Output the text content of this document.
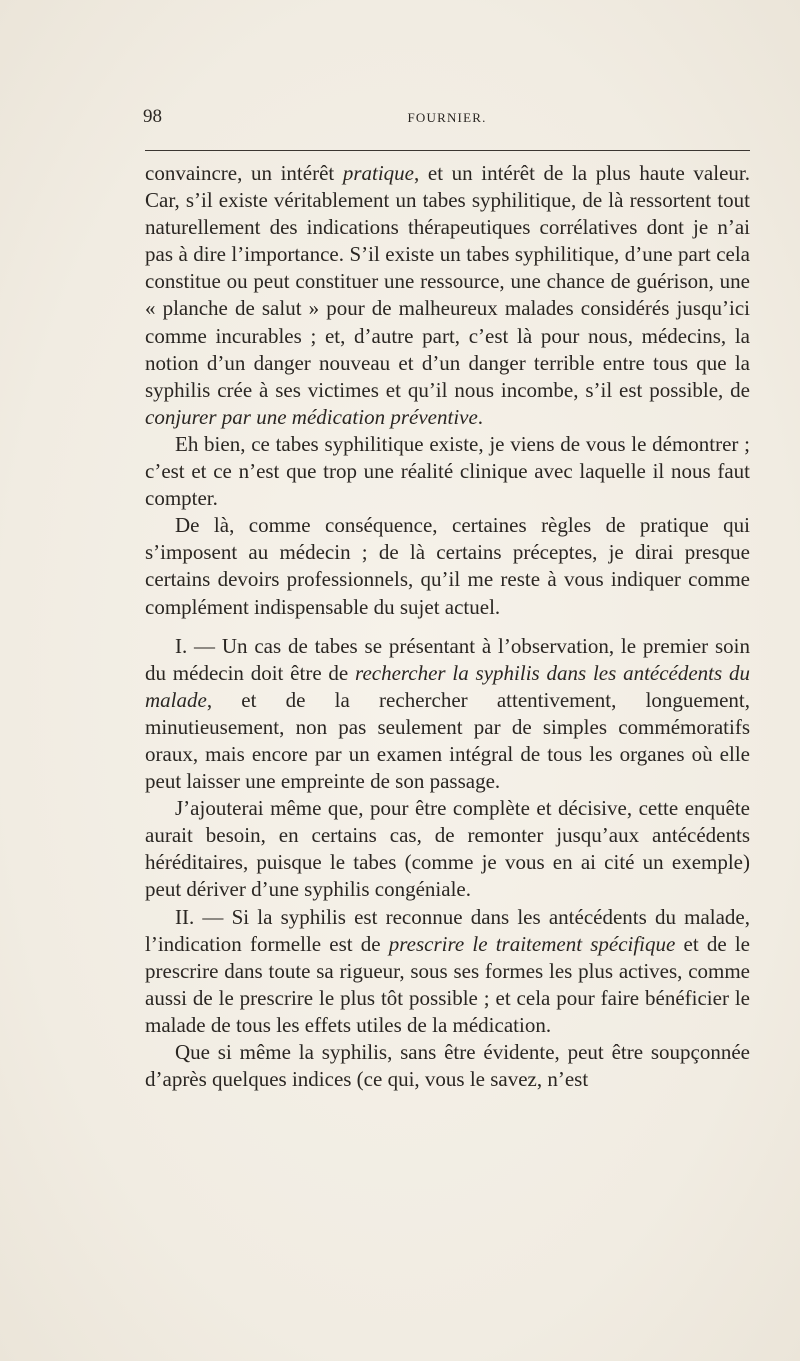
98	FOURNIER.

convaincre, un intérêt pratique, et un intérêt de la plus haute valeur. Car, s’il existe véritablement un tabes syphilitique, de là ressortent tout naturellement des indications thérapeutiques corrélatives dont je n’ai pas à dire l’importance. S’il existe un tabes syphilitique, d’une part cela constitue ou peut constituer une ressource, une chance de guérison, une « planche de salut » pour de malheureux malades considérés jusqu’ici comme incurables ; et, d’autre part, c’est là pour nous, médecins, la notion d’un danger nouveau et d’un danger terrible entre tous que la syphilis crée à ses victimes et qu’il nous incombe, s’il est possible, de conjurer par une médication préventive.

Eh bien, ce tabes syphilitique existe, je viens de vous le démontrer ; c’est et ce n’est que trop une réalité clinique avec laquelle il nous faut compter.

De là, comme conséquence, certaines règles de pratique qui s’imposent au médecin ; de là certains préceptes, je dirai presque certains devoirs professionnels, qu’il me reste à vous indiquer comme complément indispensable du sujet actuel.

I. — Un cas de tabes se présentant à l’observation, le premier soin du médecin doit être de rechercher la syphilis dans les antécédents du malade, et de la rechercher attentivement, longuement, minutieusement, non pas seulement par de simples commémoratifs oraux, mais encore par un examen intégral de tous les organes où elle peut laisser une empreinte de son passage.

J’ajouterai même que, pour être complète et décisive, cette enquête aurait besoin, en certains cas, de remonter jusqu’aux antécédents héréditaires, puisque le tabes (comme je vous en ai cité un exemple) peut dériver d’une syphilis congéniale.

II. — Si la syphilis est reconnue dans les antécédents du malade, l’indication formelle est de prescrire le traitement spécifique et de le prescrire dans toute sa rigueur, sous ses formes les plus actives, comme aussi de le prescrire le plus tôt possible ; et cela pour faire bénéficier le malade de tous les effets utiles de la médication.

Que si même la syphilis, sans être évidente, peut être soupçonnée d’après quelques indices (ce qui, vous le savez, n’est
